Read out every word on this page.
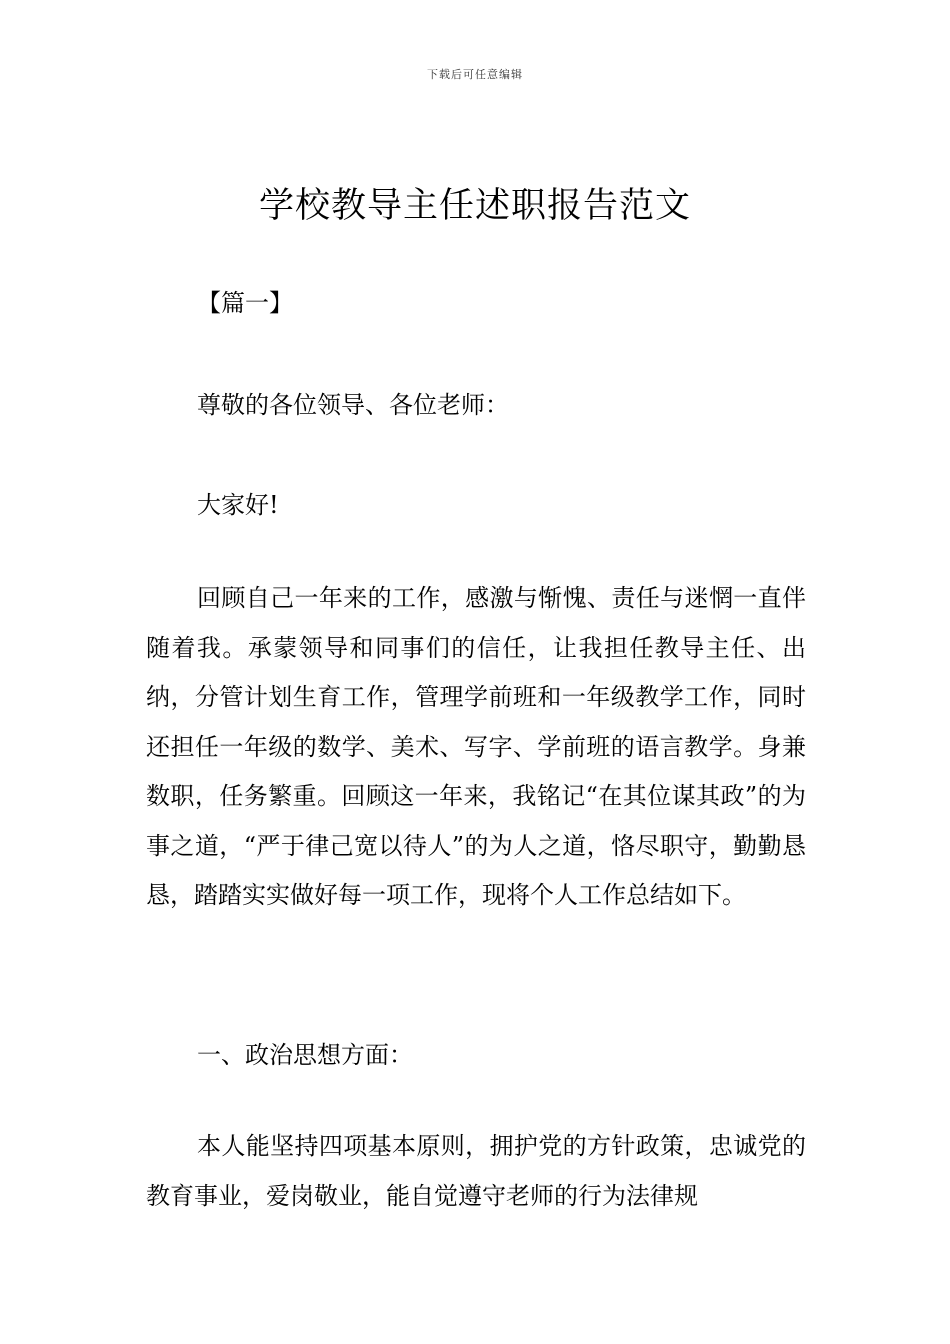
下载后可任意编辑
学校教导主任述职报告范文
【篇一】
尊敬的各位领导、各位老师：
大家好!

回顾自己一年来的工作，感激与惭愧、责任与迷惘一直伴随着我。承蒙领导和同事们的信任，让我担任教导主任、出纳，分管计划生育工作，管理学前班和一年级教学工作，同时还担任一年级的数学、美术、写字、学前班的语言教学。身兼数职，任务繁重。回顾这一年来，我铭记“在其位谋其政”的为事之道，“严于律己宽以待人”的为人之道，恪尽职守，勤勤恳恳，踏踏实实做好每一项工作，现将个人工作总结如下。

一、政治思想方面：

本人能坚持四项基本原则，拥护党的方针政策，忠诚党的教育事业，爱岗敬业，能自觉遵守老师的行为法律规
